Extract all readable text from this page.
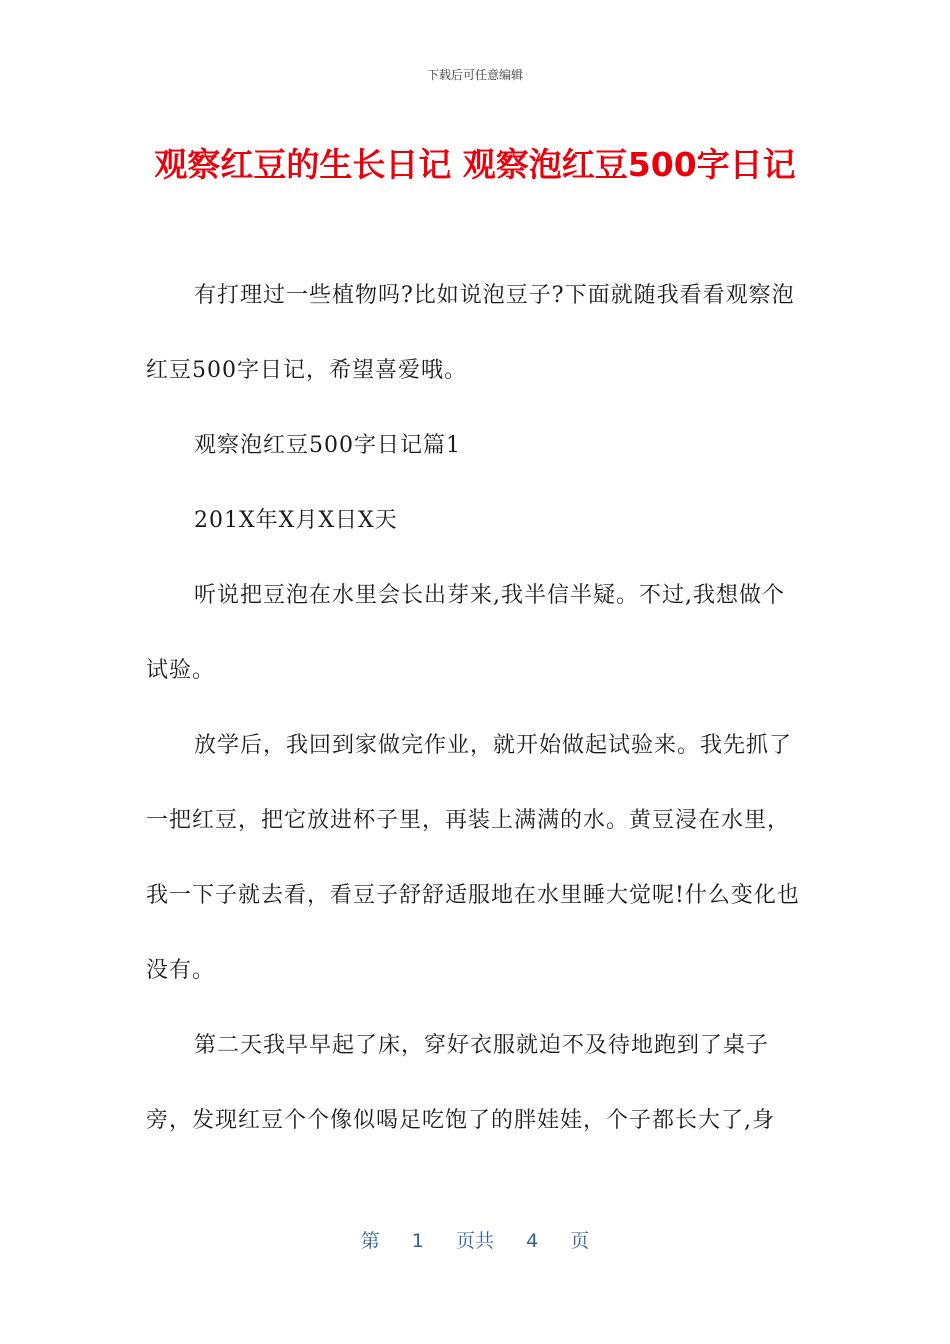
下载后可任意编辑
观察红豆的生长日记 观察泡红豆500字日记

有打理过一些植物吗?比如说泡豆子?下面就随我看看观察泡红豆500字日记，希望喜爱哦。

观察泡红豆500字日记篇1

201X年X月X日X天

听说把豆泡在水里会长出芽来,我半信半疑。不过,我想做个试验。

放学后，我回到家做完作业，就开始做起试验来。我先抓了一把红豆，把它放进杯子里，再装上满满的水。黄豆浸在水里，我一下子就去看，看豆子舒舒适服地在水里睡大觉呢!什么变化也没有。

第二天我早早起了床，穿好衣服就迫不及待地跑到了桌子旁，发现红豆个个像似喝足吃饱了的胖娃娃，个子都长大了,身

第 1 页共 4 页
